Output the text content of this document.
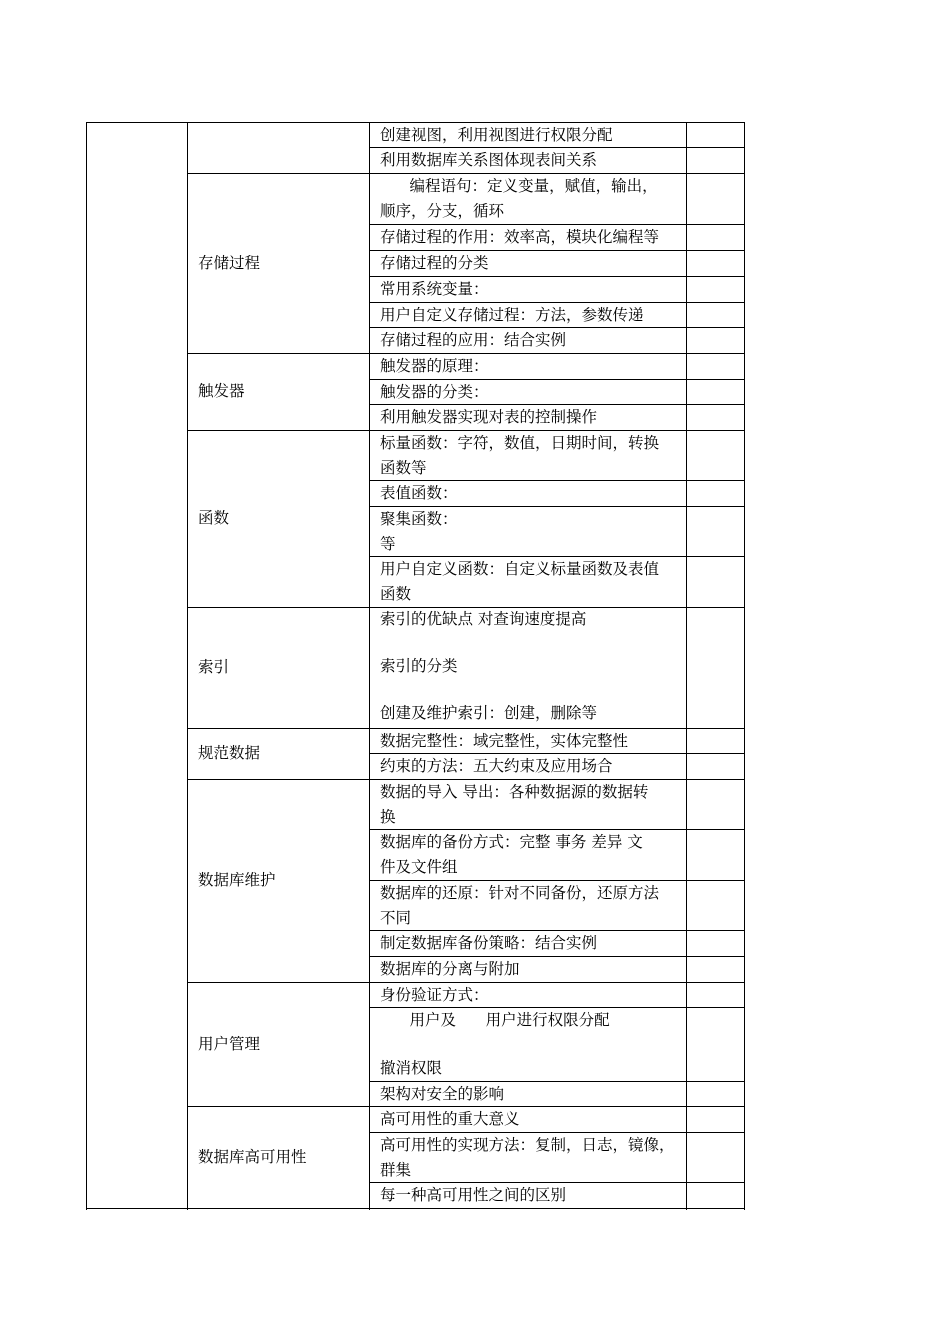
存储过程
触发器
函数
索引
规范数据
数据库维护
用户管理
数据库高可用性
创建视图，利用视图进行权限分配
利用数据库关系图体现表间关系
编程语句：定义变量，赋值，输出，
顺序，分支，循环
存储过程的作用：效率高，模块化编程等
存储过程的分类
常用系统变量：
用户自定义存储过程：方法，参数传递
存储过程的应用：结合实例
触发器的原理：
触发器的分类：
利用触发器实现对表的控制操作
标量函数：字符，数值，日期时间，转换
函数等
表值函数：
聚集函数：
等
用户自定义函数：自定义标量函数及表值
函数
索引的优缺点 对查询速度提高

索引的分类

创建及维护索引：创建，删除等
数据完整性：域完整性，实体完整性
约束的方法：五大约束及应用场合
数据的导入 导出：各种数据源的数据转
换
数据库的备份方式：完整 事务 差异 文
件及文件组
数据库的还原：针对不同备份，还原方法
不同
制定数据库备份策略：结合实例
数据库的分离与附加
身份验证方式：
用户及      用户进行权限分配

撤消权限
架构对安全的影响
高可用性的重大意义
高可用性的实现方法：复制，日志，镜像，
群集
每一种高可用性之间的区别
